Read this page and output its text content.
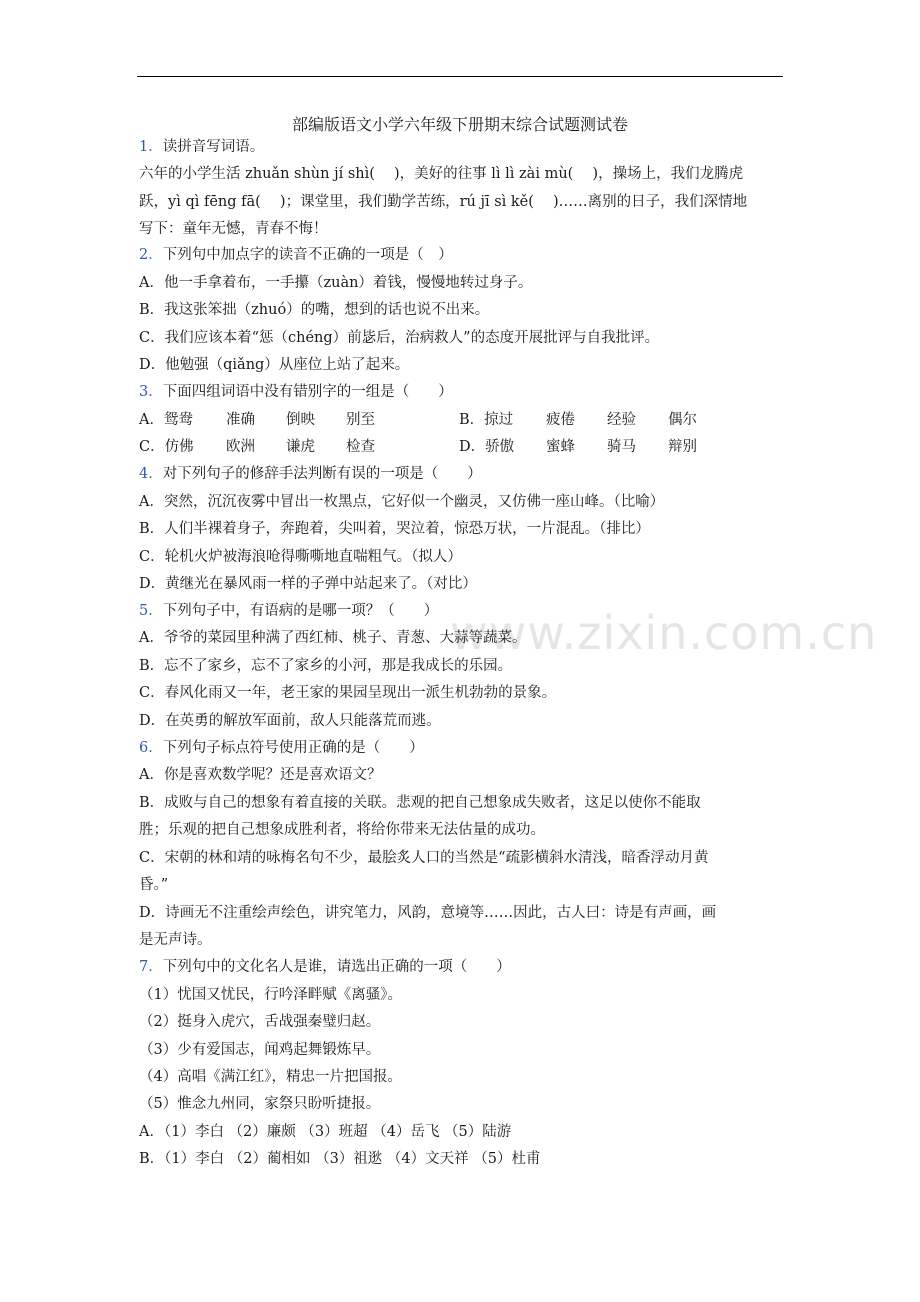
部编版语文小学六年级下册期末综合试题测试卷
www.zixin.com.cn
1．读拼音写词语。
六年的小学生活 zhuǎn shùn jí shì(　 )，美好的往事 lì lì zài mù(　 )，操场上，我们龙腾虎
跃，yì qì fēng fā(　 )；课堂里，我们勤学苦练，rú jī sì kě(　 )……离别的日子，我们深情地
写下：童年无憾，青春不悔！
2．下列句中加点字的读音不正确的一项是（　）
A．他一手拿着布，一手攥（zuàn）着钱，慢慢地转过身子。
B．我这张笨拙（zhuó）的嘴，想到的话也说不出来。
C．我们应该本着“惩（chéng）前毖后，治病救人”的态度开展批评与自我批评。
D．他勉强（qiǎng）从座位上站了起来。
3．下面四组词语中没有错别字的一组是（　　）
A．鸳鸯 准确 倒映 别至	B．掠过 疲倦 经验 偶尔
C．仿佛 欧洲 谦虎 检查	D．骄傲 蜜蜂 骑马 辩别
4．对下列句子的修辞手法判断有误的一项是（　　）
A．突然，沉沉夜雾中冒出一枚黑点，它好似一个幽灵，又仿佛一座山峰。（比喻）
B．人们半裸着身子，奔跑着，尖叫着，哭泣着，惊恐万状，一片混乱。（排比）
C．轮机火炉被海浪呛得嘶嘶地直喘粗气。（拟人）
D．黄继光在暴风雨一样的子弹中站起来了。（对比）
5．下列句子中，有语病的是哪一项？（　　）
A．爷爷的菜园里种满了西红柿、桃子、青葱、大蒜等蔬菜。
B．忘不了家乡，忘不了家乡的小河，那是我成长的乐园。
C．春风化雨又一年，老王家的果园呈现出一派生机勃勃的景象。
D．在英勇的解放军面前，敌人只能落荒而逃。
6．下列句子标点符号使用正确的是（　　）
A．你是喜欢数学呢？还是喜欢语文？
B．成败与自己的想象有着直接的关联。悲观的把自己想象成失败者，这足以使你不能取
胜；乐观的把自己想象成胜利者，将给你带来无法估量的成功。
C．宋朝的林和靖的咏梅名句不少，最脍炙人口的当然是“疏影横斜水清浅，暗香浮动月黄
昏。”
D．诗画无不注重绘声绘色，讲究笔力，风韵，意境等……因此，古人曰：诗是有声画，画
是无声诗。
7．下列句中的文化名人是谁，请选出正确的一项（　　）
（1）忧国又忧民，行吟泽畔赋《离骚》。
（2）挺身入虎穴，舌战强秦璧归赵。
（3）少有爱国志，闻鸡起舞锻炼早。
（4）高唱《满江红》，精忠一片把国报。
（5）惟念九州同，家祭只盼听捷报。
A．（1）李白 （2）廉颇 （3）班超 （4）岳飞 （5）陆游
B．（1）李白 （2）蔺相如 （3）祖逖 （4）文天祥 （5）杜甫
